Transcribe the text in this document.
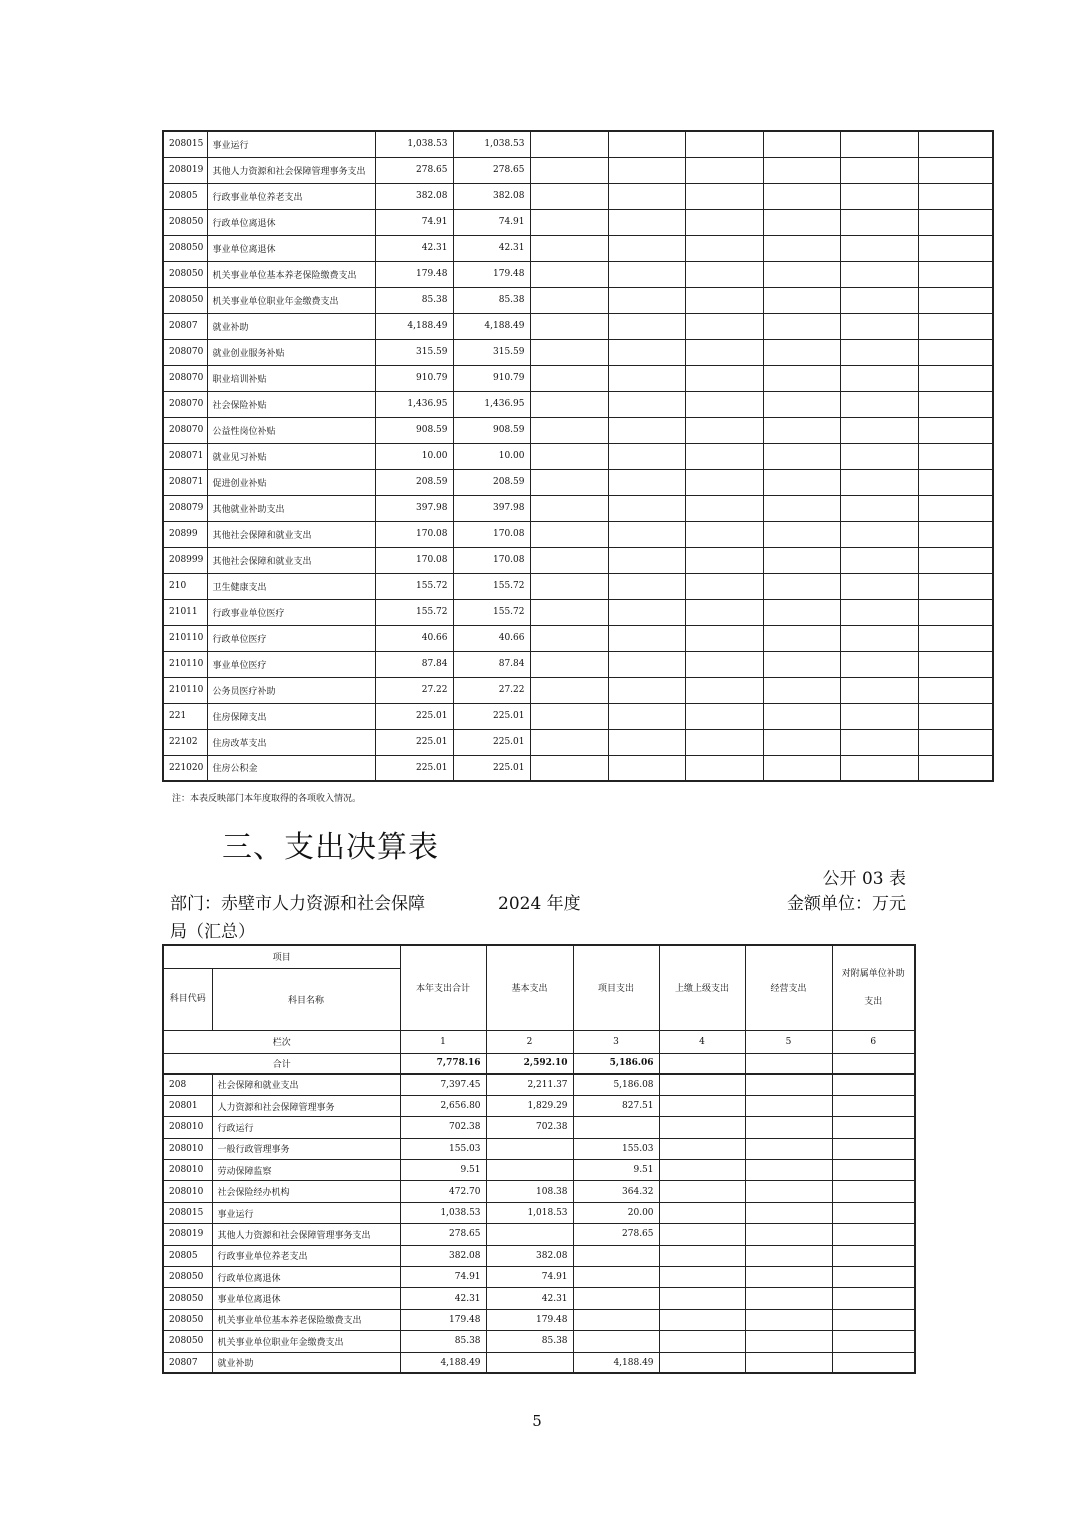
208015	事业运行	1,038.53	1,038.53						
208019	其他人力资源和社会保障管理事务支出	278.65	278.65						
20805	行政事业单位养老支出	382.08	382.08						
208050	行政单位离退休	74.91	74.91						
208050	事业单位离退休	42.31	42.31						
208050	机关事业单位基本养老保险缴费支出	179.48	179.48						
208050	机关事业单位职业年金缴费支出	85.38	85.38						
20807	就业补助	4,188.49	4,188.49						
208070	就业创业服务补贴	315.59	315.59						
208070	职业培训补贴	910.79	910.79						
208070	社会保险补贴	1,436.95	1,436.95						
208070	公益性岗位补贴	908.59	908.59						
208071	就业见习补贴	10.00	10.00						
208071	促进创业补贴	208.59	208.59						
208079	其他就业补助支出	397.98	397.98						
20899	其他社会保障和就业支出	170.08	170.08						
208999	其他社会保障和就业支出	170.08	170.08						
210	卫生健康支出	155.72	155.72						
21011	行政事业单位医疗	155.72	155.72						
210110	行政单位医疗	40.66	40.66						
210110	事业单位医疗	87.84	87.84						
210110	公务员医疗补助	27.22	27.22						
221	住房保障支出	225.01	225.01						
22102	住房改革支出	225.01	225.01						
221020	住房公积金	225.01	225.01						
注：本表反映部门本年度取得的各项收入情况。
三、支出决算表
公开 03 表
部门：赤壁市人力资源和社会保障
局（汇总）
2024 年度	金额单位：万元
项目		本年支出合计	基本支出	项目支出	上缴上级支出	经营支出	对附属单位补助支出
科目代码	科目名称						
栏次		1	2	3	4	5	6
合计		7,778.16	2,592.10	5,186.06			
208	社会保障和就业支出	7,397.45	2,211.37	5,186.08			
20801	人力资源和社会保障管理事务	2,656.80	1,829.29	827.51			
208010	行政运行	702.38	702.38				
208010	一般行政管理事务	155.03		155.03			
208010	劳动保障监察	9.51		9.51			
208010	社会保险经办机构	472.70	108.38	364.32			
208015	事业运行	1,038.53	1,018.53	20.00			
208019	其他人力资源和社会保障管理事务支出	278.65		278.65			
20805	行政事业单位养老支出	382.08	382.08				
208050	行政单位离退休	74.91	74.91				
208050	事业单位离退休	42.31	42.31				
208050	机关事业单位基本养老保险缴费支出	179.48	179.48				
208050	机关事业单位职业年金缴费支出	85.38	85.38				
20807	就业补助	4,188.49		4,188.49			
5
